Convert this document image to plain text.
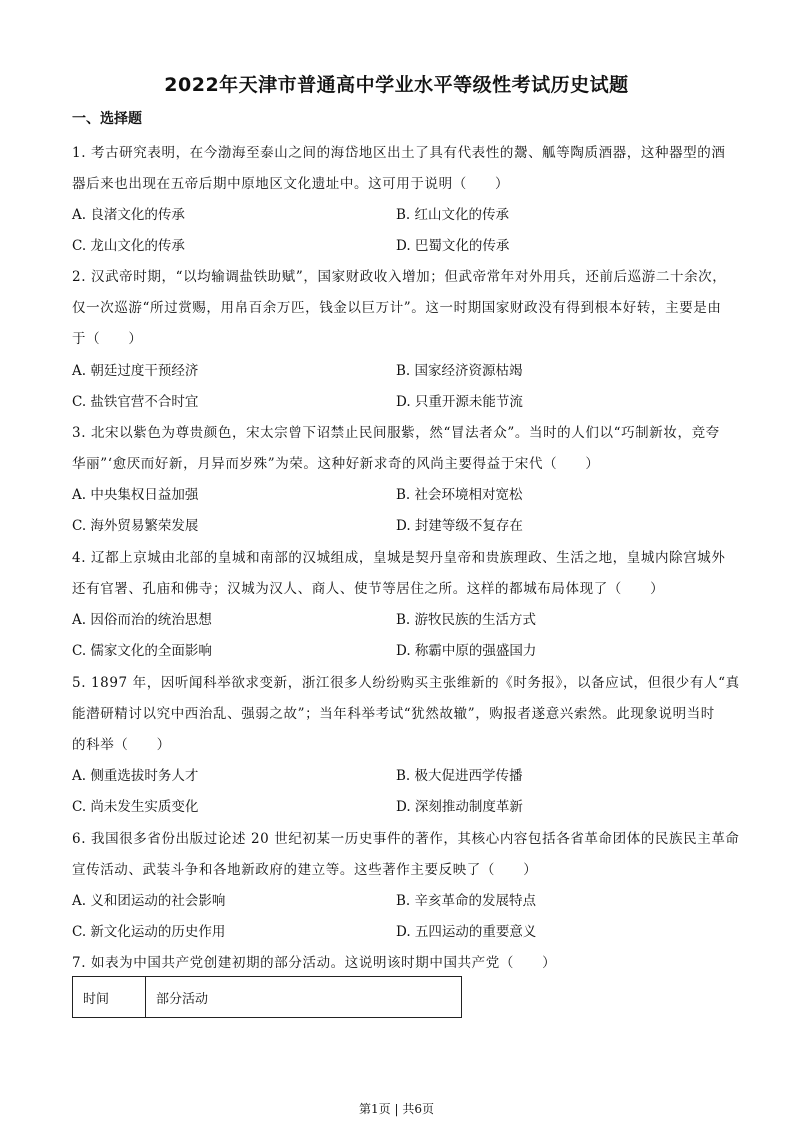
2022年天津市普通高中学业水平等级性考试历史试题
一、选择题
1. 考古研究表明，在今渤海至泰山之间的海岱地区出土了具有代表性的鬶、觚等陶质酒器，这种器型的酒
器后来也出现在五帝后期中原地区文化遗址中。这可用于说明（　　）
A. 良渚文化的传承	B. 红山文化的传承
C. 龙山文化的传承	D. 巴蜀文化的传承
2. 汉武帝时期，“以均输调盐铁助赋”，国家财政收入增加；但武帝常年对外用兵，还前后巡游二十余次，
仅一次巡游“所过赏赐，用帛百余万匹，钱金以巨万计”。这一时期国家财政没有得到根本好转，主要是由
于（　　）
A. 朝廷过度干预经济	B. 国家经济资源枯竭
C. 盐铁官营不合时宜	D. 只重开源未能节流
3. 北宋以紫色为尊贵颜色，宋太宗曾下诏禁止民间服紫，然“冒法者众”。当时的人们以“巧制新妆，竞夸
华丽”‘愈厌而好新，月异而岁殊”为荣。这种好新求奇的风尚主要得益于宋代（　　）
A. 中央集权日益加强	B. 社会环境相对宽松
C. 海外贸易繁荣发展	D. 封建等级不复存在
4. 辽都上京城由北部的皇城和南部的汉城组成，皇城是契丹皇帝和贵族理政、生活之地，皇城内除宫城外
还有官署、孔庙和佛寺；汉城为汉人、商人、使节等居住之所。这样的都城布局体现了（　　）
A. 因俗而治的统治思想	B. 游牧民族的生活方式
C. 儒家文化的全面影响	D. 称霸中原的强盛国力
5. 1897 年，因听闻科举欲求变新，浙江很多人纷纷购买主张维新的《时务报》，以备应试，但很少有人“真
能潜研精讨以究中西治乱、强弱之故”；当年科举考试“犹然故辙”，购报者遂意兴索然。此现象说明当时
的科举（　　）
A. 侧重选拔时务人才	B. 极大促进西学传播
C. 尚未发生实质变化	D. 深刻推动制度革新
6. 我国很多省份出版过论述 20 世纪初某一历史事件的著作，其核心内容包括各省革命团体的民族民主革命
宣传活动、武装斗争和各地新政府的建立等。这些著作主要反映了（　　）
A. 义和团运动的社会影响	B. 辛亥革命的发展特点
C. 新文化运动的历史作用	D. 五四运动的重要意义
7. 如表为中国共产党创建初期的部分活动。这说明该时期中国共产党（　　）
时间	部分活动
第1页 | 共6页
